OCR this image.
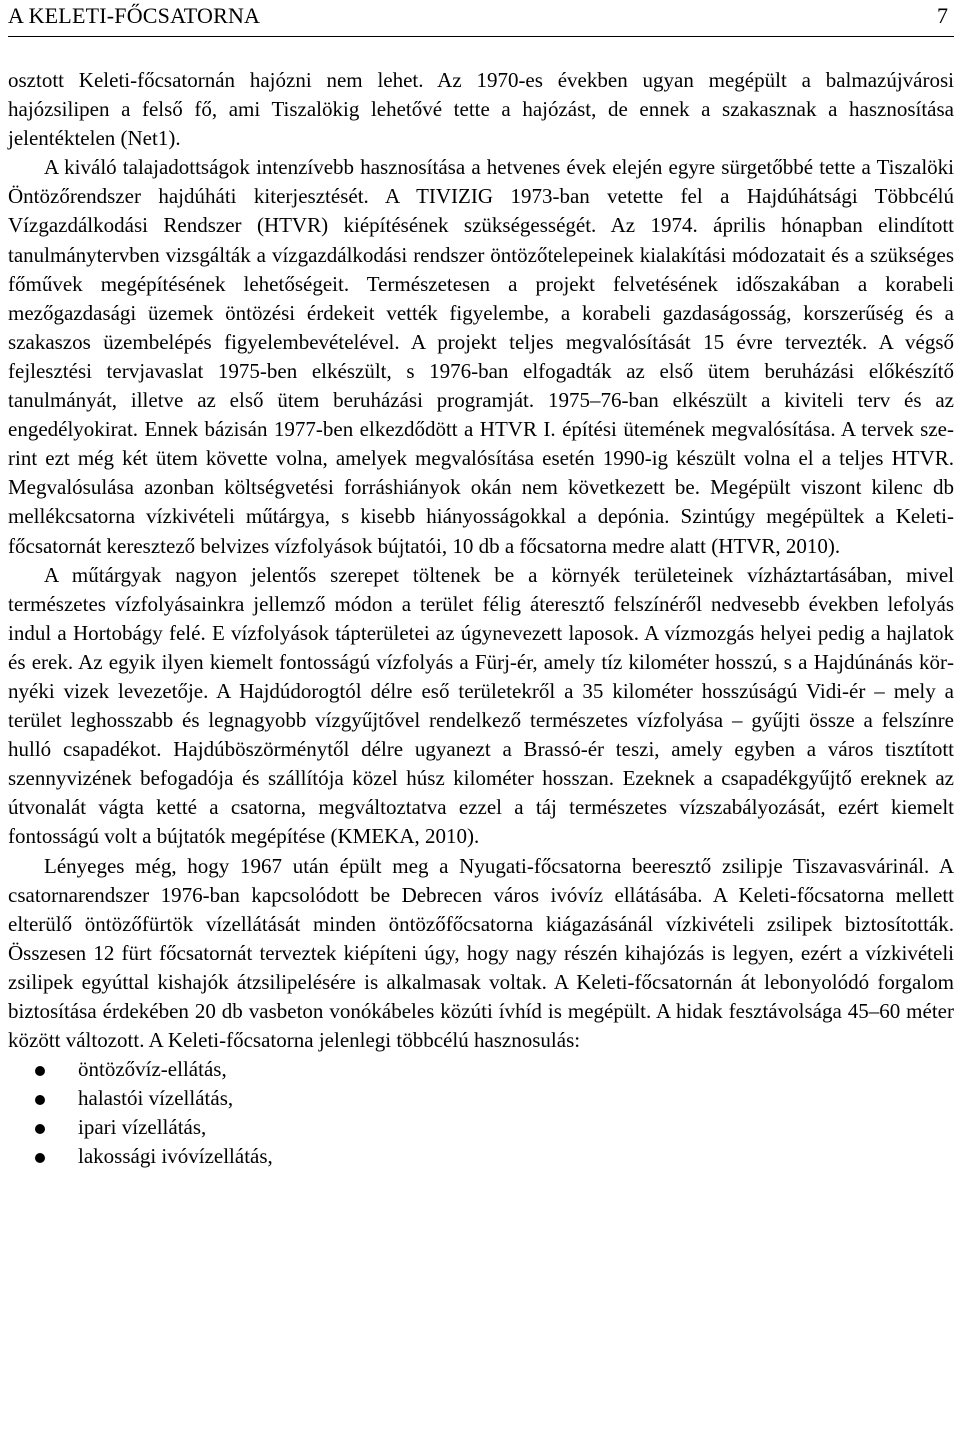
A KELETI-FŐCSATORNA	7

osztott Keleti-főcsatornán hajózni nem lehet. Az 1970-es években ugyan megépült a balmazújvárosi hajózsilipen a felső fő, ami Tiszalökig lehetővé tette a hajózást, de ennek a szakasznak a hasznosítása jelentéktelen (Net1).

A kiváló talajadottságok intenzívebb hasznosítása a hetvenes évek elején egyre sürgetőbbé tette a Tiszalöki Öntözőrendszer hajdúháti kiterjesztését. A TIVIZIG 1973-ban vetette fel a Hajdúhátsági Többcélú Vízgazdálkodási Rendszer (HTVR) kiépítésének szükségességét. Az 1974. április hónapban elindított tanulmánytervben vizsgálták a vízgazdálkodási rendszer öntözőtelepeinek kialakítási módozatait és a szükséges főművek megépítésének lehetőségeit. Természetesen a projekt felvetésének időszakában a korabeli mezőgazdasági üzemek öntözési érdekeit vették figyelembe, a korabeli gazdaságosság, korszerűség és a szakaszos üzembelépés figyelembevételével. A projekt teljes megvalósítását 15 évre tervezték. A végső fejlesztési tervjavaslat 1975-ben elkészült, s 1976-ban elfogadták az első ütem beruházási előkészítő tanulmányát, illetve az első ütem beruházási programját. 1975–76-ban elkészült a kiviteli terv és az engedélyokirat. Ennek bázisán 1977-ben elkezdődött a HTVR I. építési ütemének megvalósítása. A tervek szerint ezt még két ütem követte volna, amelyek megvalósítása esetén 1990-ig készült volna el a teljes HTVR. Megvalósulása azonban költségvetési forráshiányok okán nem következett be. Megépült viszont kilenc db mellékcsatorna vízkivételi műtárgya, s kisebb hiányosságokkal a depónia. Szintúgy megépültek a Keleti-főcsatornát keresztező belvizes vízfolyások bújtatói, 10 db a főcsatorna medre alatt (HTVR, 2010).

A műtárgyak nagyon jelentős szerepet töltenek be a környék területeinek vízháztartásában, mivel természetes vízfolyásainkra jellemző módon a terület félig áteresztő felszínéről nedvesebb években lefolyás indul a Hortobágy felé. E vízfolyások tápterületei az úgynevezett laposok. A vízmozgás helyei pedig a hajlatok és erek. Az egyik ilyen kiemelt fontosságú vízfolyás a Fürj-ér, amely tíz kilométer hosszú, s a Hajdúnánás környéki vizek levezetője. A Hajdúdorogtól délre eső területekről a 35 kilométer hosszúságú Vidi-ér – mely a terület leghosszabb és legnagyobb vízgyűjtővel rendelkező természetes vízfolyása – gyűjti össze a felszínre hulló csapadékot. Hajdúböszörménytől délre ugyanezt a Brassó-ér teszi, amely egyben a város tisztított szennyvizének befogadója és szállítója közel húsz kilométer hosszan. Ezeknek a csapadékgyűjtő ereknek az útvonalát vágta ketté a csatorna, megváltoztatva ezzel a táj természetes vízszabályozását, ezért kiemelt fontosságú volt a bújtatók megépítése (KMEKA, 2010).

Lényeges még, hogy 1967 után épült meg a Nyugati-főcsatorna beeresztő zsilipje Tiszavasvárinál. A csatornarendszer 1976-ban kapcsolódott be Debrecen város ivóvíz ellátásába. A Keleti-főcsatorna mellett elterülő öntözőfürtök vízellátását minden öntözőfőcsatorna kiágazásánál vízkivételi zsilipek biztosították. Összesen 12 fürt főcsatornát terveztek kiépíteni úgy, hogy nagy részén kihajózás is legyen, ezért a vízkivételi zsilipek egyúttal kishajók átzsilipelésére is alkalmasak voltak. A Keleti-főcsatornán át lebonyolódó forgalom biztosítása érdekében 20 db vasbeton vonókábeles közúti ívhíd is megépült. A hidak fesztávolsága 45–60 méter között változott. A Keleti-főcsatorna jelenlegi többcélú hasznosulás:

öntözővíz-ellátás,
halastói vízellátás,
ipari vízellátás,
lakossági ivóvízellátás,
